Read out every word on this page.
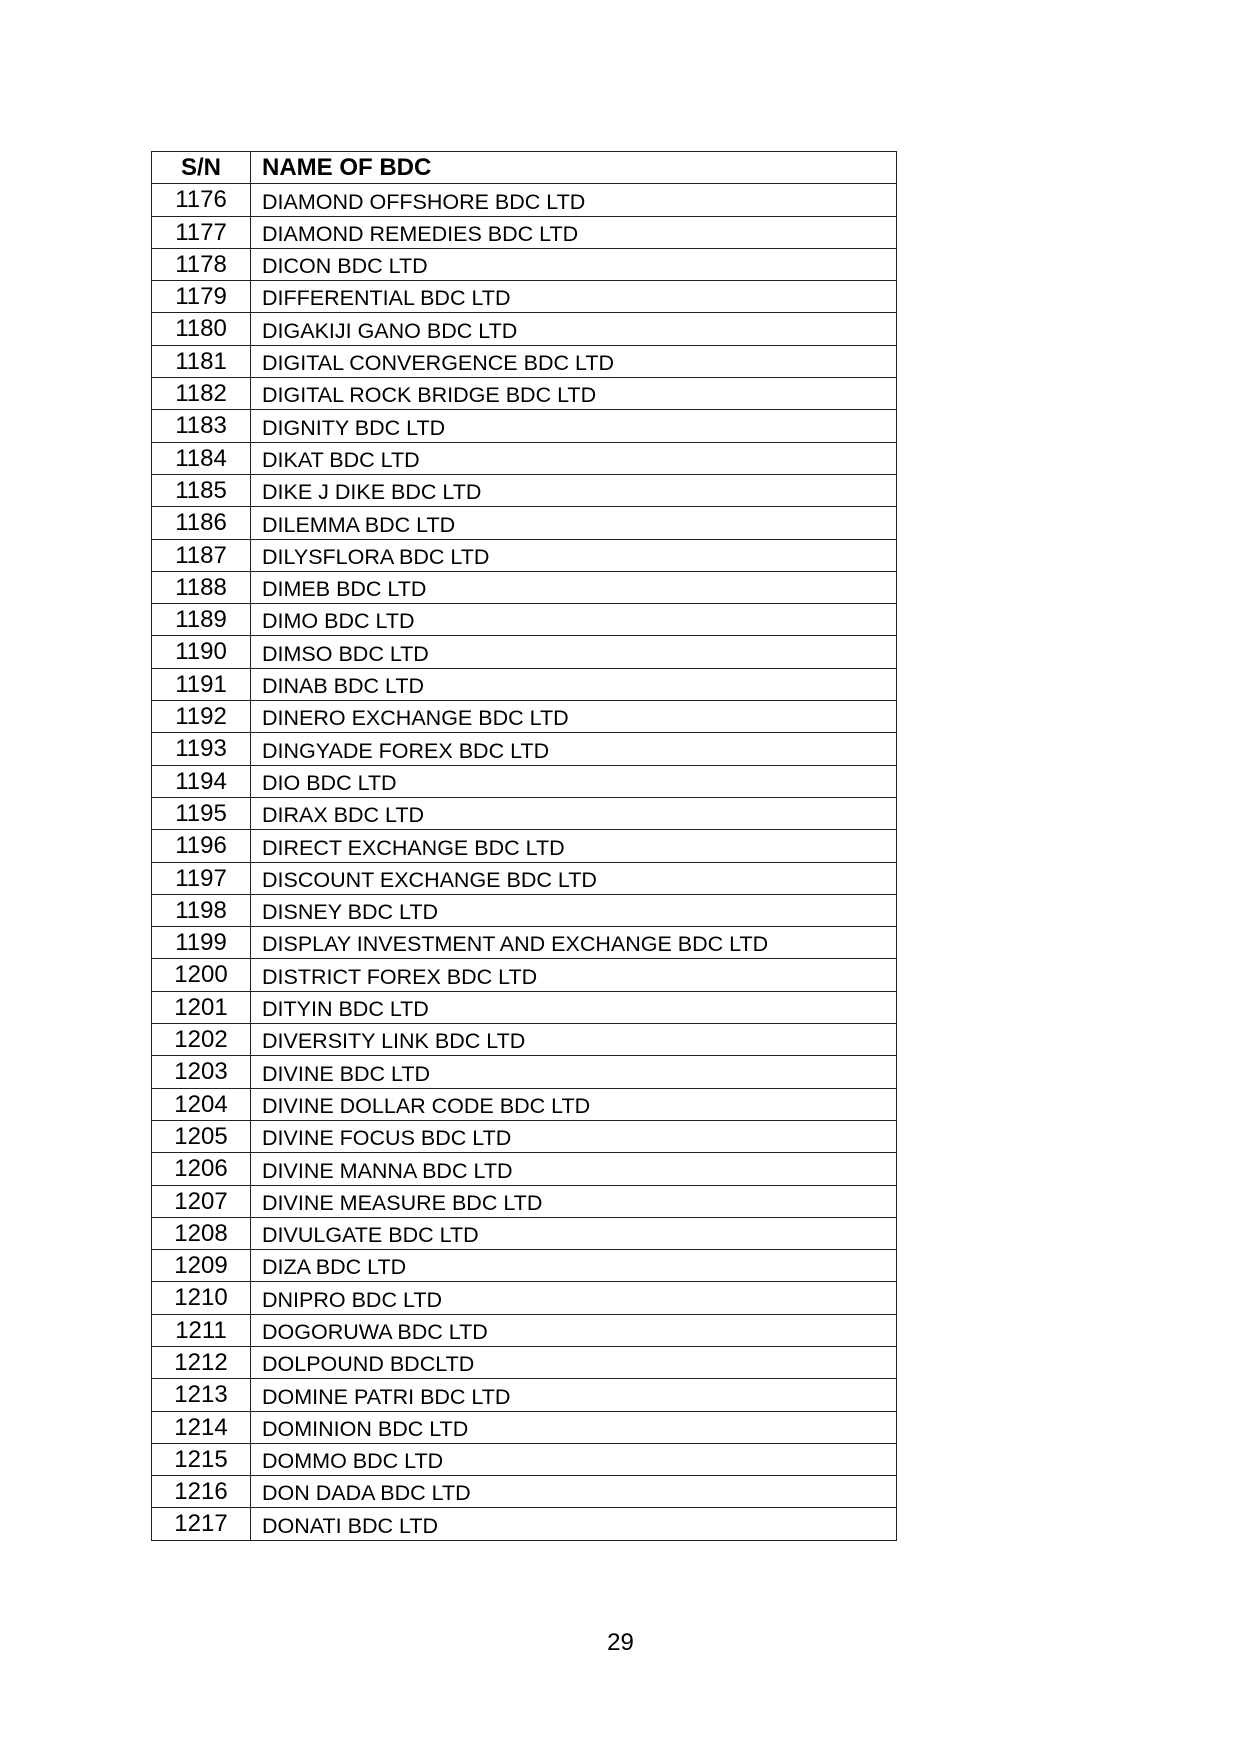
S/N	NAME OF BDC
1176	DIAMOND OFFSHORE BDC LTD
1177	DIAMOND REMEDIES BDC LTD
1178	DICON BDC LTD
1179	DIFFERENTIAL BDC LTD
1180	DIGAKIJI GANO BDC LTD
1181	DIGITAL CONVERGENCE BDC LTD
1182	DIGITAL ROCK BRIDGE BDC LTD
1183	DIGNITY BDC LTD
1184	DIKAT BDC LTD
1185	DIKE J DIKE BDC LTD
1186	DILEMMA BDC LTD
1187	DILYSFLORA BDC LTD
1188	DIMEB BDC LTD
1189	DIMO BDC LTD
1190	DIMSO BDC LTD
1191	DINAB BDC LTD
1192	DINERO EXCHANGE BDC LTD
1193	DINGYADE FOREX BDC LTD
1194	DIO BDC LTD
1195	DIRAX BDC LTD
1196	DIRECT EXCHANGE BDC LTD
1197	DISCOUNT EXCHANGE BDC LTD
1198	DISNEY BDC LTD
1199	DISPLAY INVESTMENT AND EXCHANGE BDC LTD
1200	DISTRICT FOREX BDC LTD
1201	DITYIN BDC LTD
1202	DIVERSITY LINK BDC LTD
1203	DIVINE BDC LTD
1204	DIVINE DOLLAR CODE BDC LTD
1205	DIVINE FOCUS BDC LTD
1206	DIVINE MANNA BDC LTD
1207	DIVINE MEASURE BDC LTD
1208	DIVULGATE BDC LTD
1209	DIZA BDC LTD
1210	DNIPRO BDC LTD
1211	DOGORUWA BDC LTD
1212	DOLPOUND BDCLTD
1213	DOMINE PATRI BDC LTD
1214	DOMINION BDC LTD
1215	DOMMO BDC LTD
1216	DON DADA BDC LTD
1217	DONATI BDC LTD
29
